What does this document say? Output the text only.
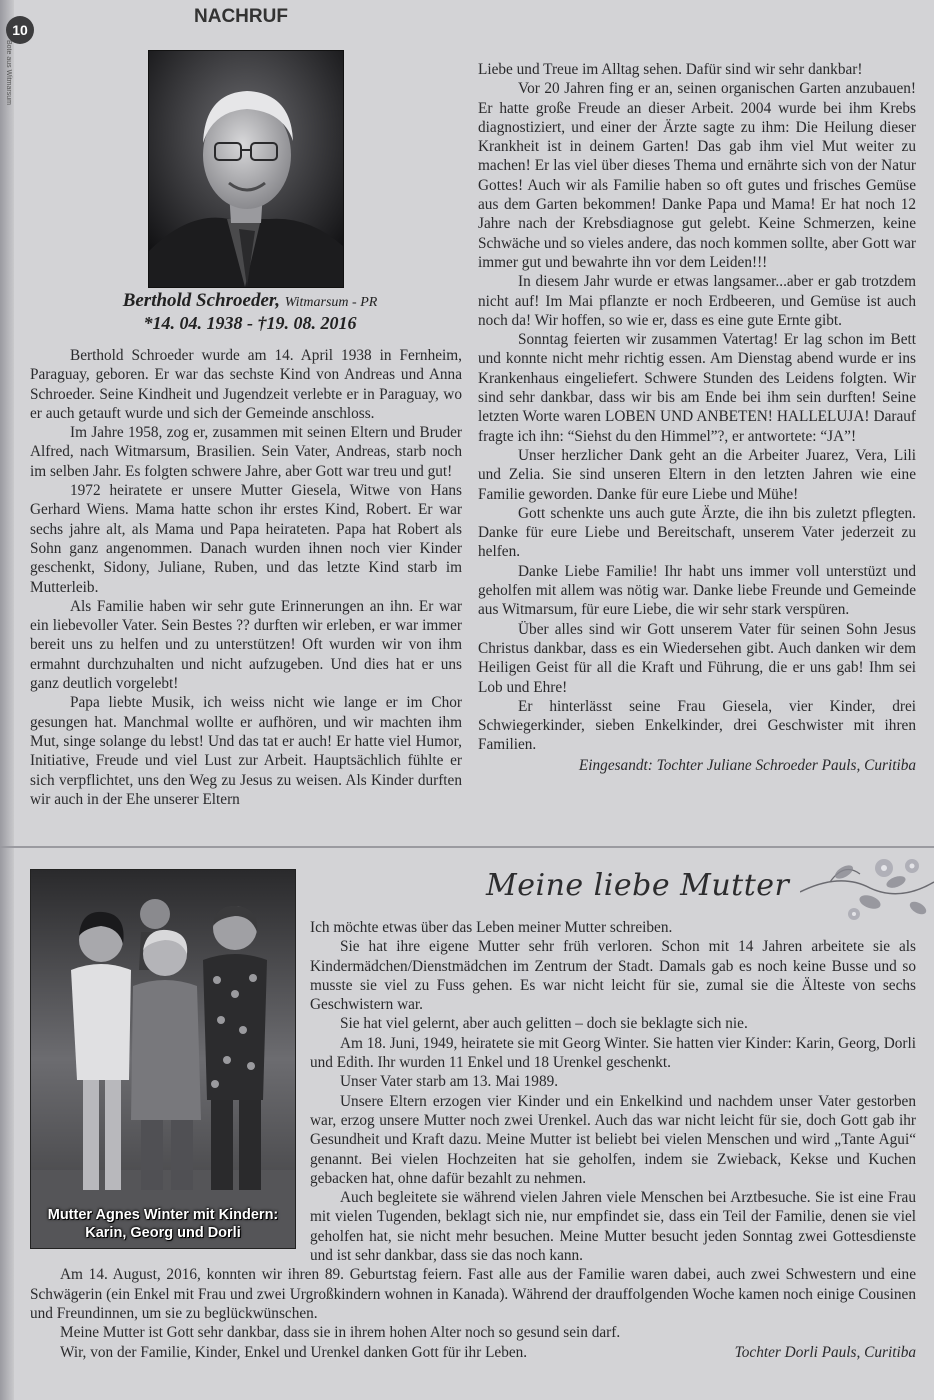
Bote aus Witmarsum
10
NACHRUF
Berthold Schroeder, Witmarsum - PR
*14. 04. 1938 - †19. 08. 2016

Berthold Schroeder wurde am 14. April 1938 in Fernheim, Paraguay, geboren. Er war das sechste Kind von Andreas und Anna Schroeder. Seine Kindheit und Jugendzeit verlebte er in Paraguay, wo er auch getauft wurde und sich der Gemeinde anschloss.

Im Jahre 1958, zog er, zusammen mit seinen Eltern und Bruder Alfred, nach Witmarsum, Brasilien. Sein Vater, Andreas, starb noch im selben Jahr. Es folgten schwere Jahre, aber Gott war treu und gut!

1972 heiratete er unsere Mutter Giesela, Witwe von Hans Gerhard Wiens. Mama hatte schon ihr erstes Kind, Robert. Er war sechs jahre alt, als Mama und Papa heirateten. Papa hat Robert als Sohn ganz angenommen. Danach wurden ihnen noch vier Kinder geschenkt, Sidony, Juliane, Ruben, und das letzte Kind starb im Mutterleib.

Als Familie haben wir sehr gute Erinnerungen an ihn. Er war ein liebevoller Vater. Sein Bestes ?? durften wir erleben, er war immer bereit uns zu helfen und zu unterstützen! Oft wurden wir von ihm ermahnt durchzuhalten und nicht aufzugeben. Und dies hat er uns ganz deutlich vorgelebt!

Papa liebte Musik, ich weiss nicht wie lange er im Chor gesungen hat. Manchmal wollte er aufhören, und wir machten ihm Mut, singe solange du lebst! Und das tat er auch! Er hatte viel Humor, Initiative, Freude und viel Lust zur Arbeit. Hauptsächlich fühlte er sich verpflichtet, uns den Weg zu Jesus zu weisen. Als Kinder durften wir auch in der Ehe unserer Eltern

Liebe und Treue im Alltag sehen. Dafür sind wir sehr dankbar!

Vor 20 Jahren fing er an, seinen organischen Garten anzubauen! Er hatte große Freude an dieser Arbeit. 2004 wurde bei ihm Krebs diagnostiziert, und einer der Ärzte sagte zu ihm: Die Heilung dieser Krankheit ist in deinem Garten! Das gab ihm viel Mut weiter zu machen! Er las viel über dieses Thema und ernährte sich von der Natur Gottes! Auch wir als Familie haben so oft gutes und frisches Gemüse aus dem Garten bekommen! Danke Papa und Mama! Er hat noch 12 Jahre nach der Krebsdiagnose gut gelebt. Keine Schmerzen, keine Schwäche und so vieles andere, das noch kommen sollte, aber Gott war immer gut und bewahrte ihn vor dem Leiden!!!

In diesem Jahr wurde er etwas langsamer...aber er gab trotzdem nicht auf! Im Mai pflanzte er noch Erdbeeren, und Gemüse ist auch noch da! Wir hoffen, so wie er, dass es eine gute Ernte gibt.

Sonntag feierten wir zusammen Vatertag! Er lag schon im Bett und konnte nicht mehr richtig essen. Am Dienstag abend wurde er ins Krankenhaus eingeliefert. Schwere Stunden des Leidens folgten. Wir sind sehr dankbar, dass wir bis am Ende bei ihm sein durften! Seine letzten Worte waren LOBEN UND ANBETEN! HALLELUJA! Darauf fragte ich ihn: “Siehst du den Himmel”?, er antwortete: “JA”!

Unser herzlicher Dank geht an die Arbeiter Juarez, Vera, Lili und Zelia. Sie sind unseren Eltern in den letzten Jahren wie eine Familie geworden. Danke für eure Liebe und Mühe!

Gott schenkte uns auch gute Ärzte, die ihn bis zuletzt pflegten. Danke für eure Liebe und Bereitschaft, unserem Vater jederzeit zu helfen.

Danke Liebe Familie! Ihr habt uns immer voll unterstüzt und geholfen mit allem was nötig war. Danke liebe Freunde und Gemeinde aus Witmarsum, für eure Liebe, die wir sehr stark verspüren.

Über alles sind wir Gott unserem Vater für seinen Sohn Jesus Christus dankbar, dass es ein Wiedersehen gibt. Auch danken wir dem Heiligen Geist für all die Kraft und Führung, die er uns gab! Ihm sei Lob und Ehre!

Er hinterlässt seine Frau Giesela, vier Kinder, drei Schwiegerkinder, sieben Enkelkinder, drei Geschwister mit ihren Familien.

Eingesandt: Tochter Juliane Schroeder Pauls, Curitiba
Mutter Agnes Winter mit Kindern:
Karin, Georg und Dorli
Meine liebe Mutter

Ich möchte etwas über das Leben meiner Mutter schreiben.

Sie hat ihre eigene Mutter sehr früh verloren. Schon mit 14 Jahren arbeitete sie als Kindermädchen/Dienstmädchen im Zentrum der Stadt. Damals gab es noch keine Busse und so musste sie viel zu Fuss gehen. Es war nicht leicht für sie, zumal sie die Älteste von sechs Geschwistern war.

Sie hat viel gelernt, aber auch gelitten – doch sie beklagte sich nie.

Am 18. Juni, 1949, heiratete sie mit Georg Winter. Sie hatten vier Kinder: Karin, Georg, Dorli und Edith. Ihr wurden 11 Enkel und 18 Urenkel geschenkt.

Unser Vater starb am 13. Mai 1989.

Unsere Eltern erzogen vier Kinder und ein Enkelkind und nachdem unser Vater gestorben war, erzog unsere Mutter noch zwei Urenkel. Auch das war nicht leicht für sie, doch Gott gab ihr Gesundheit und Kraft dazu. Meine Mutter ist beliebt bei vielen Menschen und wird „Tante Agui“ genannt. Bei vielen Hochzeiten hat sie geholfen, indem sie Zwieback, Kekse und Kuchen gebacken hat, ohne dafür bezahlt zu nehmen.

Auch begleitete sie während vielen Jahren viele Menschen bei Arztbesuche. Sie ist eine Frau mit vielen Tugenden, beklagt sich nie, nur empfindet sie, dass ein Teil der Familie, denen sie viel geholfen hat, sie nicht mehr besuchen. Meine Mutter besucht jeden Sonntag zwei Gottesdienste und ist sehr dankbar, dass sie das noch kann.

Am 14. August, 2016, konnten wir ihren 89. Geburtstag feiern. Fast alle aus der Familie waren dabei, auch zwei Schwestern und eine Schwägerin (ein Enkel mit Frau und zwei Urgroßkindern wohnen in Kanada). Während der drauffolgenden Woche kamen noch einige Cousinen und Freundinnen, um sie zu beglückwünschen.

Meine Mutter ist Gott sehr dankbar, dass sie in ihrem hohen Alter noch so gesund sein darf.

Wir, von der Familie, Kinder, Enkel und Urenkel danken Gott für ihr Leben.	Tochter Dorli Pauls, Curitiba
